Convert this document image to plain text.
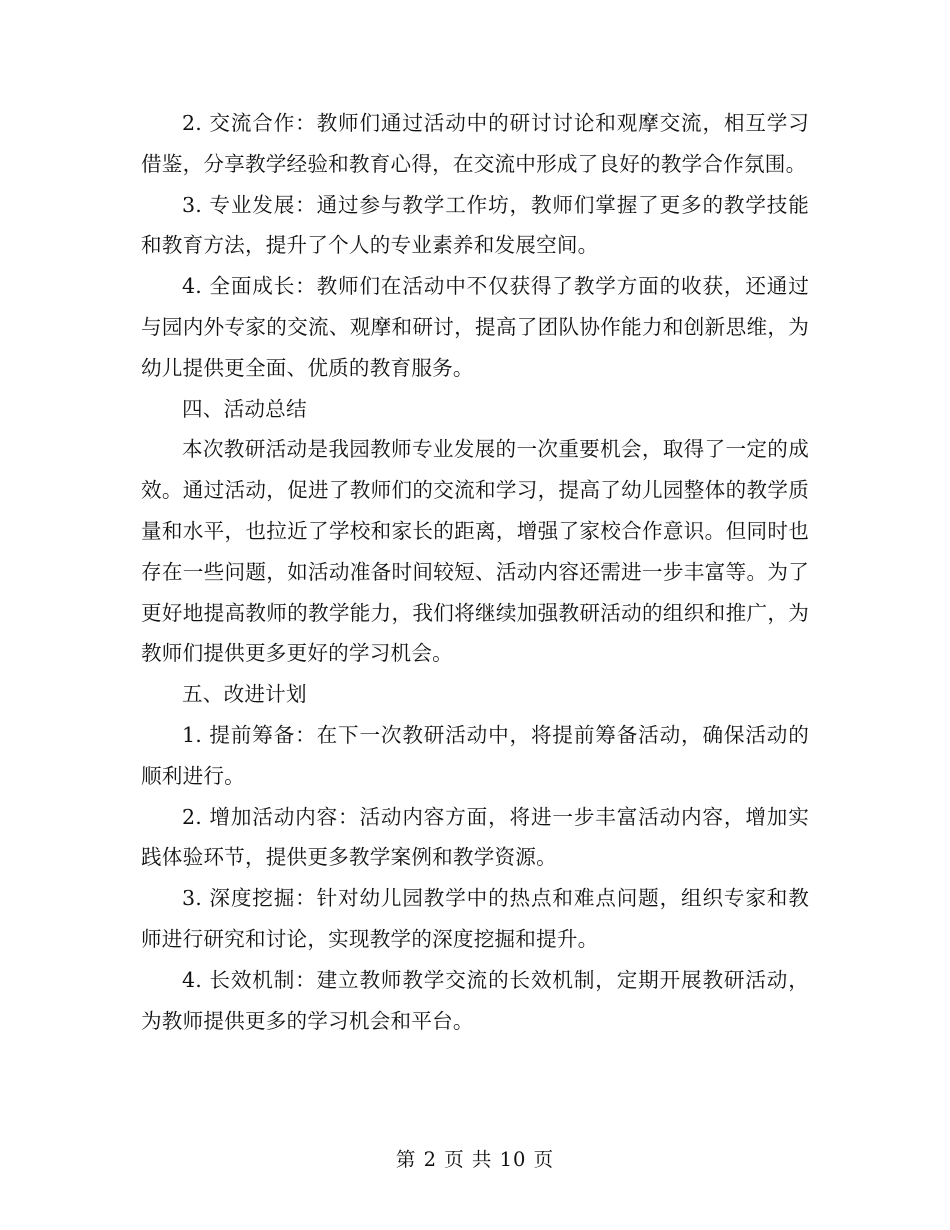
2. 交流合作：教师们通过活动中的研讨讨论和观摩交流，相互学习借鉴，分享教学经验和教育心得，在交流中形成了良好的教学合作氛围。

3. 专业发展：通过参与教学工作坊，教师们掌握了更多的教学技能和教育方法，提升了个人的专业素养和发展空间。

4. 全面成长：教师们在活动中不仅获得了教学方面的收获，还通过与园内外专家的交流、观摩和研讨，提高了团队协作能力和创新思维，为幼儿提供更全面、优质的教育服务。

四、活动总结

本次教研活动是我园教师专业发展的一次重要机会，取得了一定的成效。通过活动，促进了教师们的交流和学习，提高了幼儿园整体的教学质量和水平，也拉近了学校和家长的距离，增强了家校合作意识。但同时也存在一些问题，如活动准备时间较短、活动内容还需进一步丰富等。为了更好地提高教师的教学能力，我们将继续加强教研活动的组织和推广，为教师们提供更多更好的学习机会。

五、改进计划

1. 提前筹备：在下一次教研活动中，将提前筹备活动，确保活动的顺利进行。

2. 增加活动内容：活动内容方面，将进一步丰富活动内容，增加实践体验环节，提供更多教学案例和教学资源。

3. 深度挖掘：针对幼儿园教学中的热点和难点问题，组织专家和教师进行研究和讨论，实现教学的深度挖掘和提升。

4. 长效机制：建立教师教学交流的长效机制，定期开展教研活动，为教师提供更多的学习机会和平台。

第 2 页 共 10 页
